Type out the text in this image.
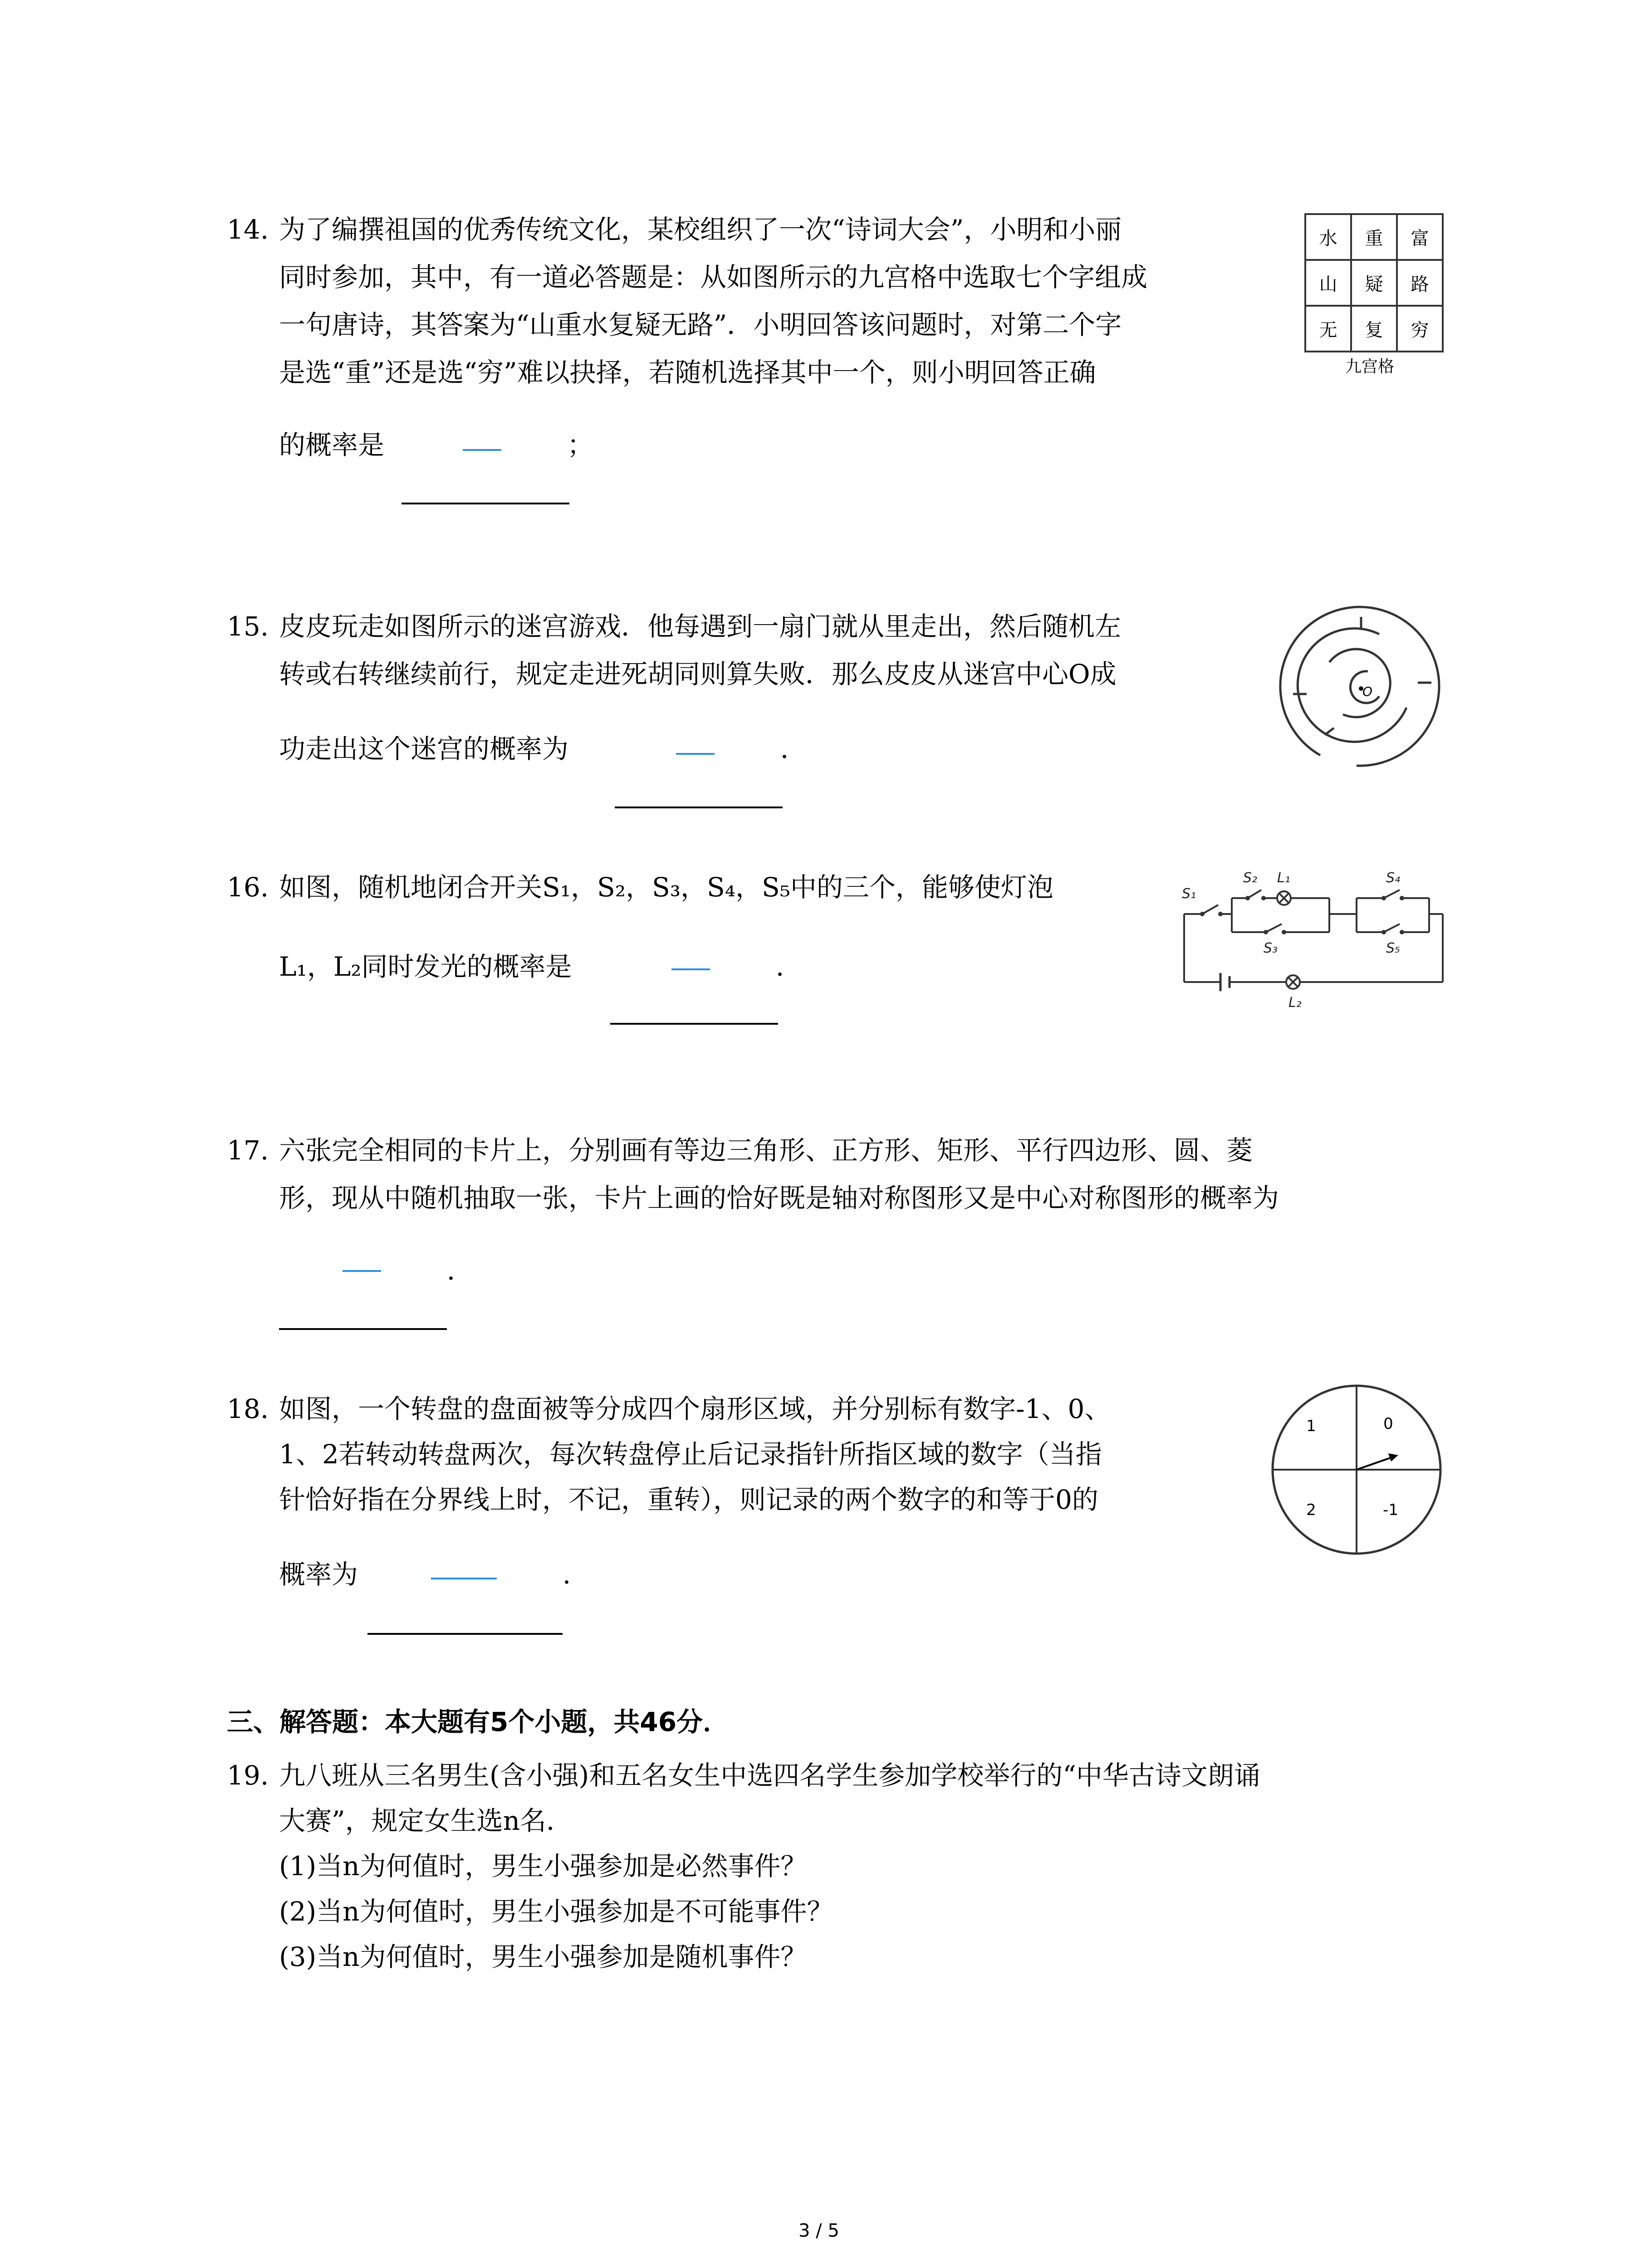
14. 为了编撰祖国的优秀传统文化，某校组织了一次“诗词大会”，小明和小丽
同时参加，其中，有一道必答题是：从如图所示的九宫格中选取七个字组成
一句唐诗，其答案为“山重水复疑无路”．小明回答该问题时，对第二个字
是选“重”还是选“穷”难以抉择，若随机选择其中一个，则小明回答正确
的概率是	；
水	重	富
山	疑	路
无	复	穷
九宫格
15. 皮皮玩走如图所示的迷宫游戏．他每遇到一扇门就从里走出，然后随机左
转或右转继续前行，规定走进死胡同则算失败．那么皮皮从迷宫中心O成
功走出这个迷宫的概率为	．
O
16. 如图，随机地闭合开关S₁，S₂，S₃，S₄，S₅中的三个，能够使灯泡
L₁，L₂同时发光的概率是	．
S₁
S₂ L₁
S₃
S₄
S₅
L₂
17. 六张完全相同的卡片上，分别画有等边三角形、正方形、矩形、平行四边形、圆、菱
形，现从中随机抽取一张，卡片上画的恰好既是轴对称图形又是中心对称图形的概率为
．
18. 如图，一个转盘的盘面被等分成四个扇形区域，并分别标有数字-1、0、
1、2若转动转盘两次，每次转盘停止后记录指针所指区域的数字（当指
针恰好指在分界线上时，不记，重转），则记录的两个数字的和等于0的
概率为	．
1	0
2	-1
三、解答题：本大题有5个小题，共46分．
19. 九八班从三名男生(含小强)和五名女生中选四名学生参加学校举行的“中华古诗文朗诵
大赛”，规定女生选n名．
(1)当n为何值时，男生小强参加是必然事件？
(2)当n为何值时，男生小强参加是不可能事件？
(3)当n为何值时，男生小强参加是随机事件？
3 / 5
